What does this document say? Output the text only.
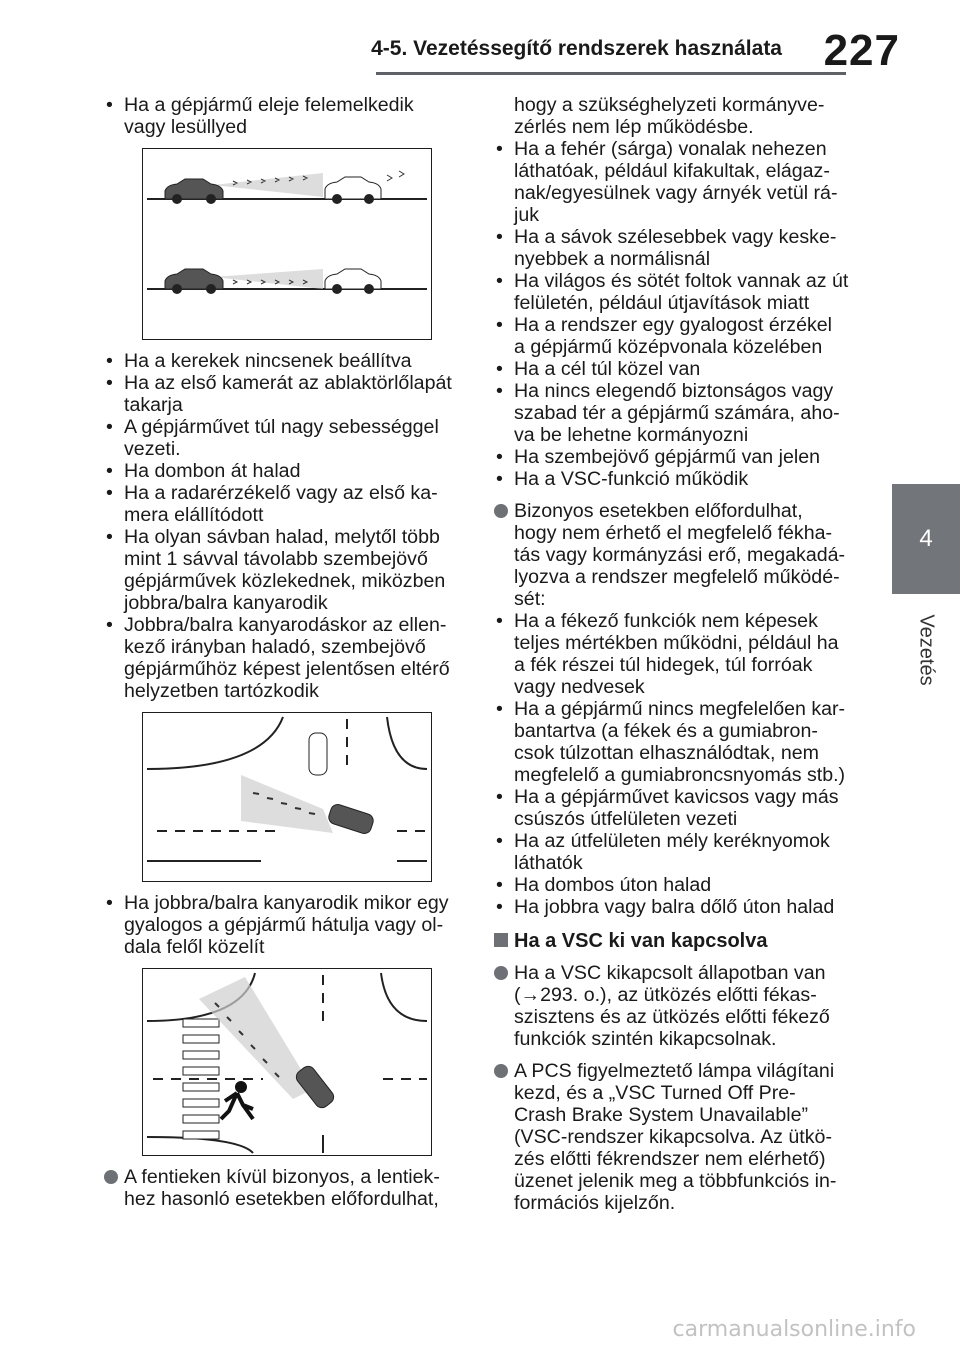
4-5. Vezetéssegítő rendszerek használata 227
4
Vezetés
• Ha a gépjármű eleje felemelkedik
vagy lesüllyed
• Ha a kerekek nincsenek beállítva
• Ha az első kamerát az ablaktörlőlapát
takarja
• A gépjárművet túl nagy sebességgel
vezeti.
• Ha dombon át halad
• Ha a radarérzékelő vagy az első ka-
mera elállítódott
• Ha olyan sávban halad, melytől több
mint 1 sávval távolabb szembejövő
gépjárművek közlekednek, miközben
jobbra/balra kanyarodik
• Jobbra/balra kanyarodáskor az ellen-
kező irányban haladó, szembejövő
gépjárműhöz képest jelentősen eltérő
helyzetben tartózkodik
• Ha jobbra/balra kanyarodik mikor egy
gyalogos a gépjármű hátulja vagy ol-
dala felől közelít
A fentieken kívül bizonyos, a lentiek-
hez hasonló esetekben előfordulhat,
hogy a szükséghelyzeti kormányve-
zérlés nem lép működésbe.
• Ha a fehér (sárga) vonalak nehezen
láthatóak, például kifakultak, elágaz-
nak/egyesülnek vagy árnyék vetül rá-
juk
• Ha a sávok szélesebbek vagy keske-
nyebbek a normálisnál
• Ha világos és sötét foltok vannak az út
felületén, például útjavítások miatt
• Ha a rendszer egy gyalogost érzékel
a gépjármű középvonala közelében
• Ha a cél túl közel van
• Ha nincs elegendő biztonságos vagy
szabad tér a gépjármű számára, aho-
va be lehetne kormányozni
• Ha szembejövő gépjármű van jelen
• Ha a VSC-funkció működik
Bizonyos esetekben előfordulhat,
hogy nem érhető el megfelelő fékha-
tás vagy kormányzási erő, megakadá-
lyozva a rendszer megfelelő működé-
sét:
• Ha a fékező funkciók nem képesek
teljes mértékben működni, például ha
a fék részei túl hidegek, túl forróak
vagy nedvesek
• Ha a gépjármű nincs megfelelően kar-
bantartva (a fékek és a gumiabron-
csok túlzottan elhasználódtak, nem
megfelelő a gumiabroncsnyomás stb.)
• Ha a gépjárművet kavicsos vagy más
csúszós útfelületen vezeti
• Ha az útfelületen mély keréknyomok
láthatók
• Ha dombos úton halad
• Ha jobbra vagy balra dőlő úton halad
Ha a VSC ki van kapcsolva
Ha a VSC kikapcsolt állapotban van
(→293. o.), az ütközés előtti fékas-
szisztens és az ütközés előtti fékező
funkciók szintén kikapcsolnak.
A PCS figyelmeztető lámpa világítani
kezd, és a „VSC Turned Off Pre-
Crash Brake System Unavailable”
(VSC-rendszer kikapcsolva. Az ütkö-
zés előtti fékrendszer nem elérhető)
üzenet jelenik meg a többfunkciós in-
formációs kijelzőn.
carmanualsonline.info
